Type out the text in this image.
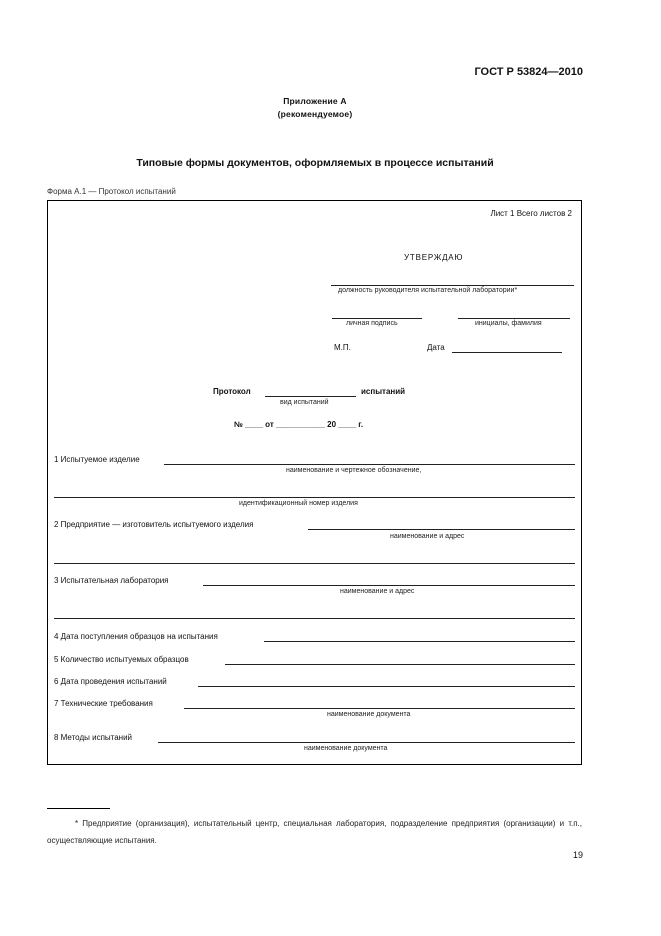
ГОСТ Р 53824—2010
Приложение А
(рекомендуемое)
Типовые формы документов, оформляемых в процессе испытаний
Форма А.1 — Протокол испытаний
Лист 1 Всего листов 2
УТВЕРЖДАЮ
должность руководителя испытательной лаборатории*
личная подпись	инициалы, фамилия
М.П.	Дата
Протокол	испытаний
вид испытаний
№ ____ от ___________ 20 ____ г.
1 Испытуемое изделие
наименование и чертежное обозначение,
идентификационный номер изделия
2 Предприятие — изготовитель испытуемого изделия
наименование и адрес
3 Испытательная лаборатория
наименование и адрес
4 Дата поступления образцов на испытания
5 Количество испытуемых образцов
6 Дата проведения испытаний
7 Технические требования
наименование документа
8 Методы испытаний
наименование документа
* Предприятие (организация), испытательный центр, специальная лаборатория, подразделение предприятия (организации) и т.п., осуществляющие испытания.
19
